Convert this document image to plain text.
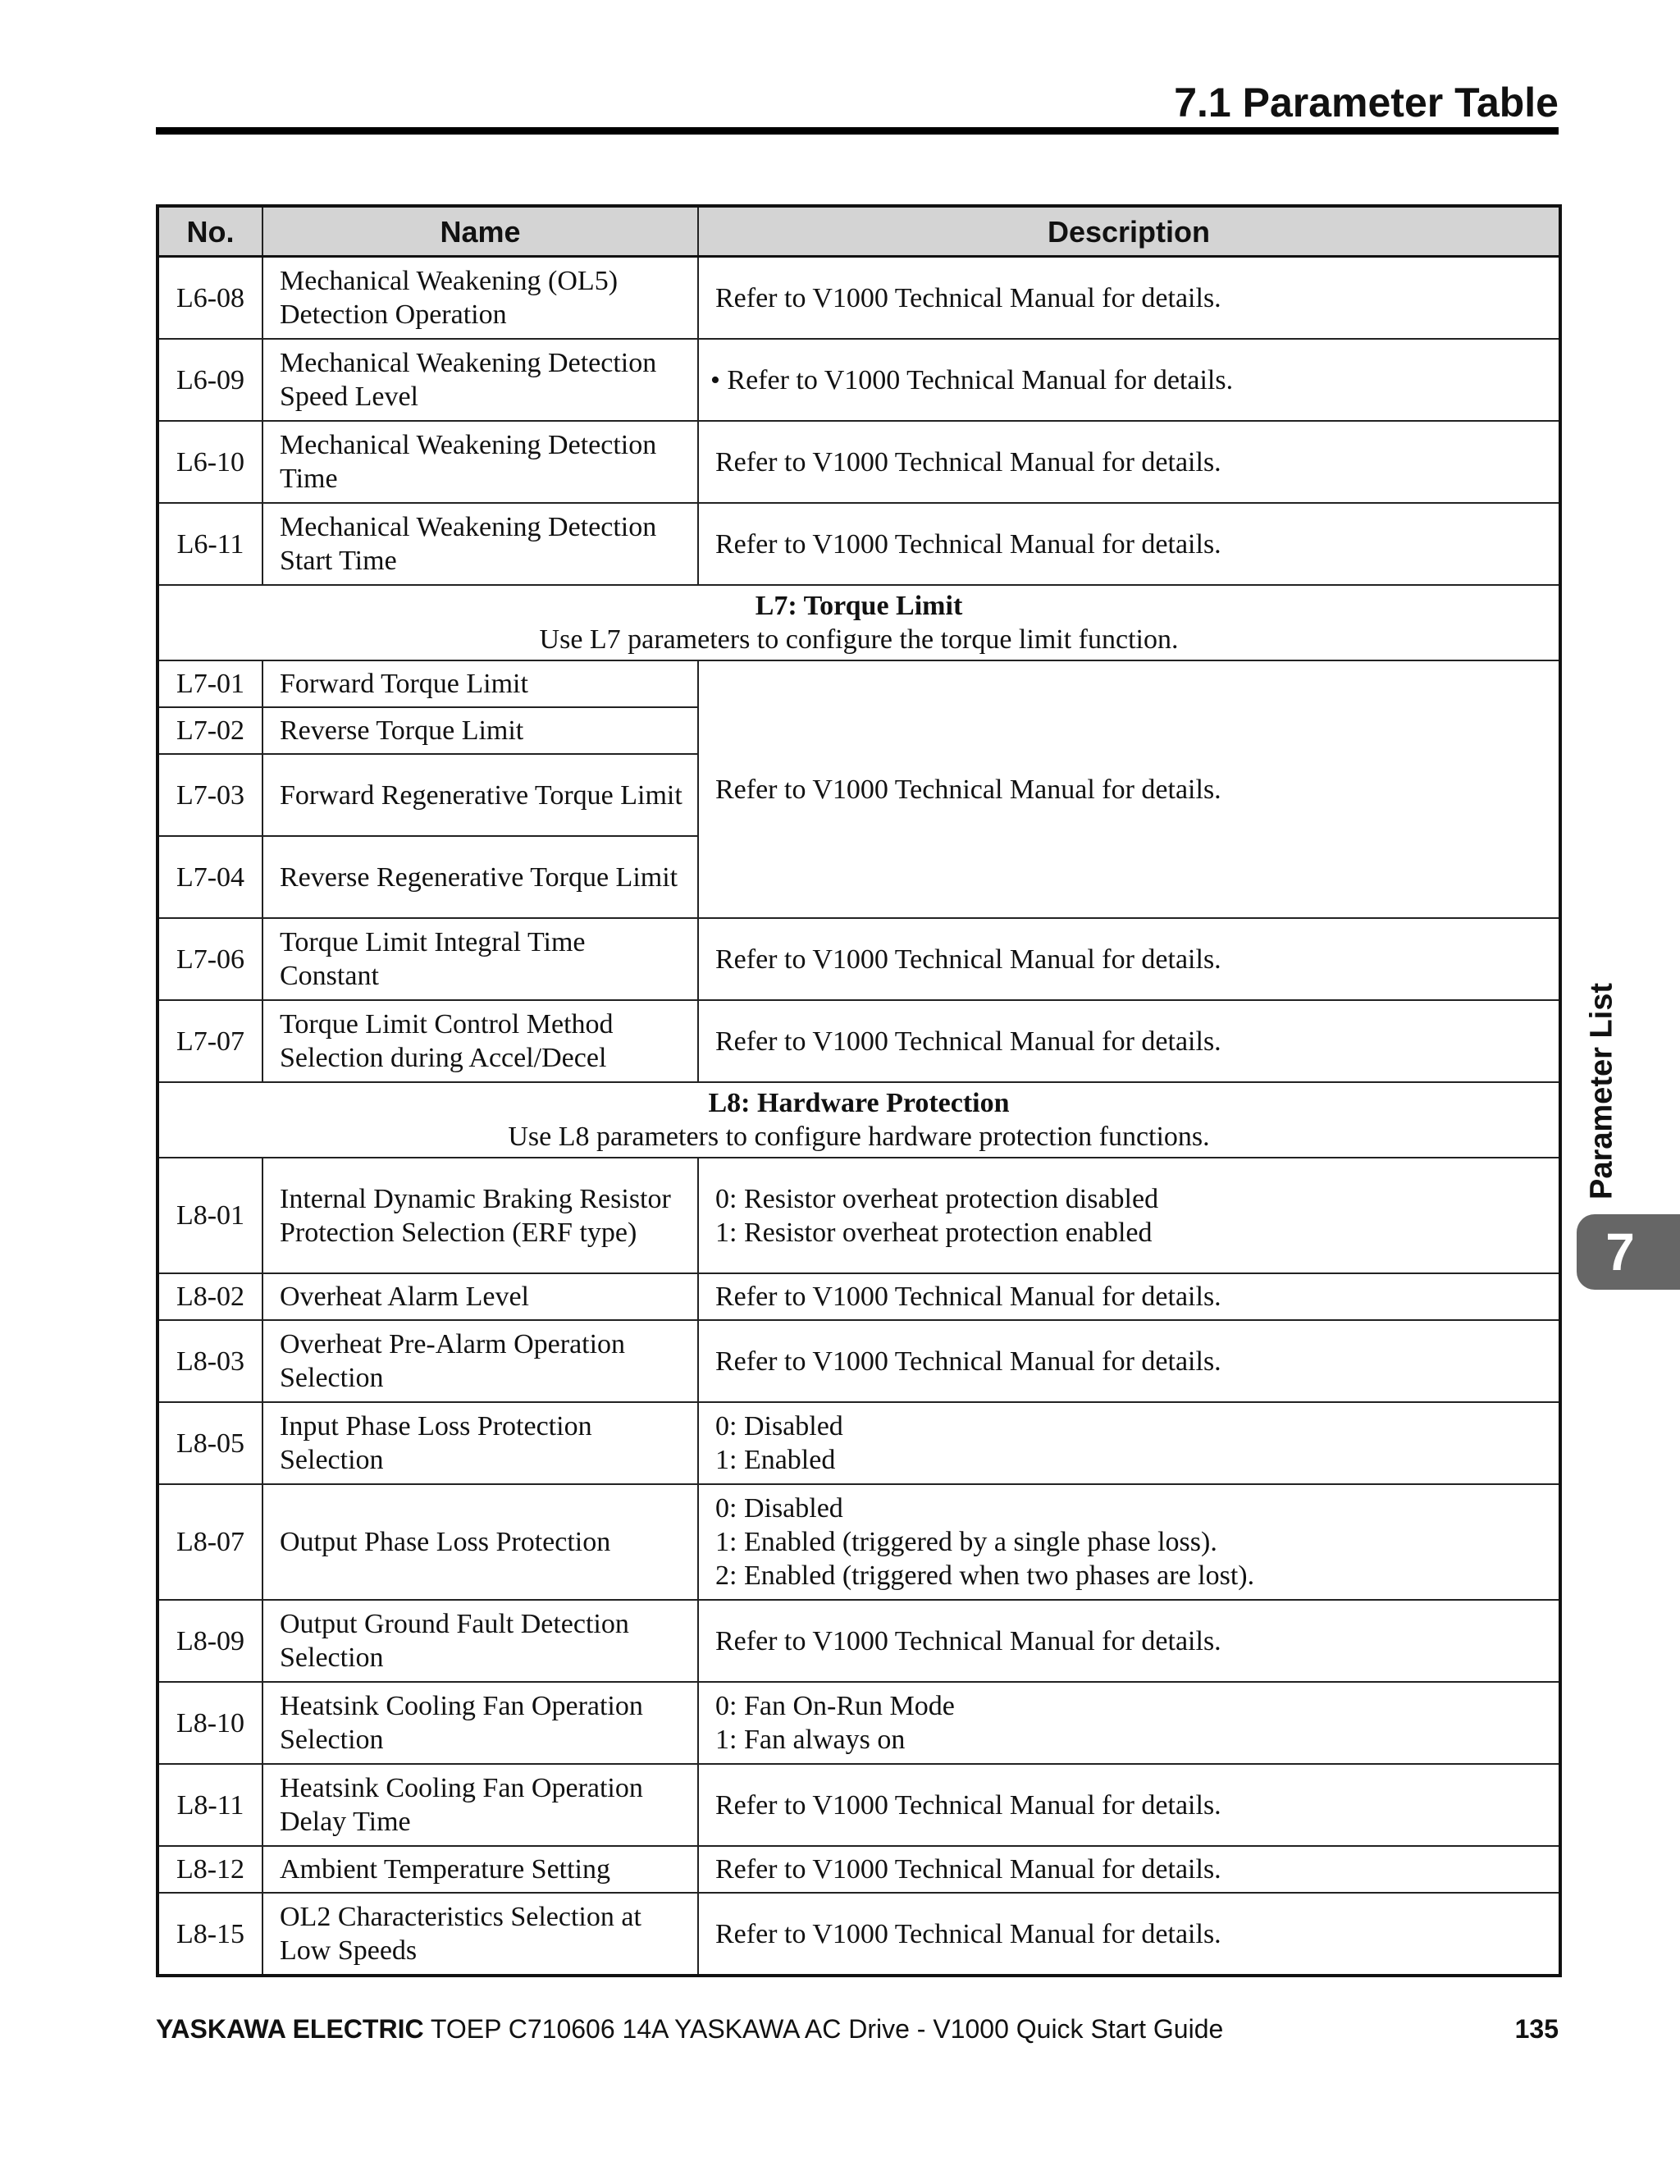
7.1 Parameter Table
No.	Name	Description
L6-08	Mechanical Weakening (OL5) Detection Operation	Refer to V1000 Technical Manual for details.

L6-09	Mechanical Weakening Detection Speed Level	• Refer to V1000 Technical Manual for details.

L6-10	Mechanical Weakening Detection Time	Refer to V1000 Technical Manual for details.

L6-11	Mechanical Weakening Detection Start Time	Refer to V1000 Technical Manual for details.

L7: Torque Limit
Use L7 parameters to configure the torque limit function.		

L7-01	Forward Torque Limit	Refer to V1000 Technical Manual for details.

L7-02	Reverse Torque Limit	
L7-03	Forward Regenerative Torque Limit	
L7-04	Reverse Regenerative Torque Limit	
L7-06	Torque Limit Integral Time Constant	Refer to V1000 Technical Manual for details.

L7-07	Torque Limit Control Method Selection during Accel/Decel	Refer to V1000 Technical Manual for details.

L8: Hardware Protection
Use L8 parameters to configure hardware protection functions.		

L8-01	Internal Dynamic Braking Resistor Protection Selection (ERF type)	0: Resistor overheat protection disabled
1: Resistor overheat protection enabled

L8-02	Overheat Alarm Level	Refer to V1000 Technical Manual for details.

L8-03	Overheat Pre-Alarm Operation Selection	Refer to V1000 Technical Manual for details.

L8-05	Input Phase Loss Protection Selection	0: Disabled
1: Enabled

L8-07	Output Phase Loss Protection	0: Disabled
1: Enabled (triggered by a single phase loss).
2: Enabled (triggered when two phases are lost).

L8-09	Output Ground Fault Detection Selection	Refer to V1000 Technical Manual for details.

L8-10	Heatsink Cooling Fan Operation Selection	0: Fan On-Run Mode
1: Fan always on

L8-11	Heatsink Cooling Fan Operation Delay Time	Refer to V1000 Technical Manual for details.

L8-12	Ambient Temperature Setting	Refer to V1000 Technical Manual for details.

L8-15	OL2 Characteristics Selection at Low Speeds	Refer to V1000 Technical Manual for details.
Parameter List
7
YASKAWA ELECTRIC TOEP C710606 14A YASKAWA AC Drive - V1000 Quick Start Guide	135
